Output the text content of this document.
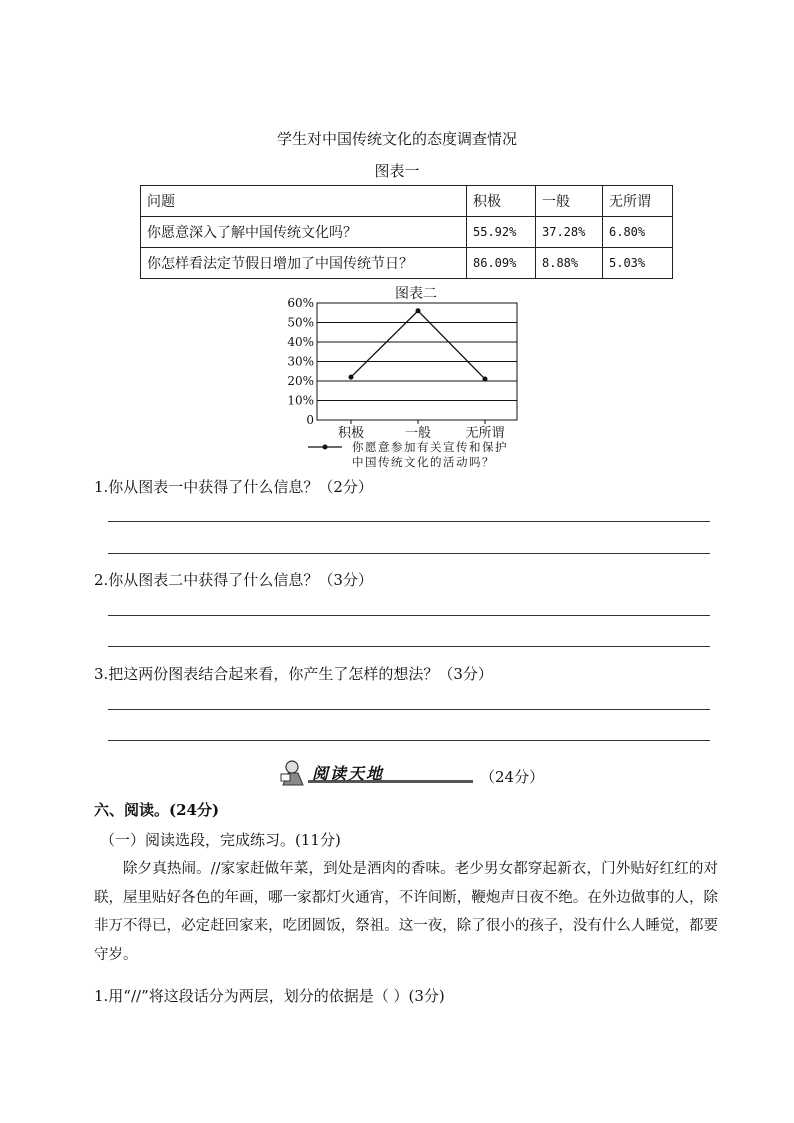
学生对中国传统文化的态度调查情况
图表一
问题	积极	一般	无所谓
你愿意深入了解中国传统文化吗？	55.92%	37.28%	6.80%
你怎样看法定节假日增加了中国传统节日？	86.09%	8.88%	5.03%
图表二
60%
50%
40%
30%
20%
10%
0
积极	一般	无所谓
你愿意参加有关宣传和保护
中国传统文化的活动吗？
1.你从图表一中获得了什么信息？（2分）
2.你从图表二中获得了什么信息？（3分）
3.把这两份图表结合起来看，你产生了怎样的想法？（3分）
阅读天地	（24分）
六、阅读。(24分)
（一）阅读选段，完成练习。(11分)
除夕真热闹。//家家赶做年菜，到处是酒肉的香味。老少男女都穿起新衣，门外贴好红红的对联，屋里贴好各色的年画，哪一家都灯火通宵，不许间断，鞭炮声日夜不绝。在外边做事的人，除非万不得已，必定赶回家来，吃团圆饭，祭祖。这一夜，除了很小的孩子，没有什么人睡觉，都要守岁。
1.用“//”将这段话分为两层，划分的依据是（ ）(3分)
